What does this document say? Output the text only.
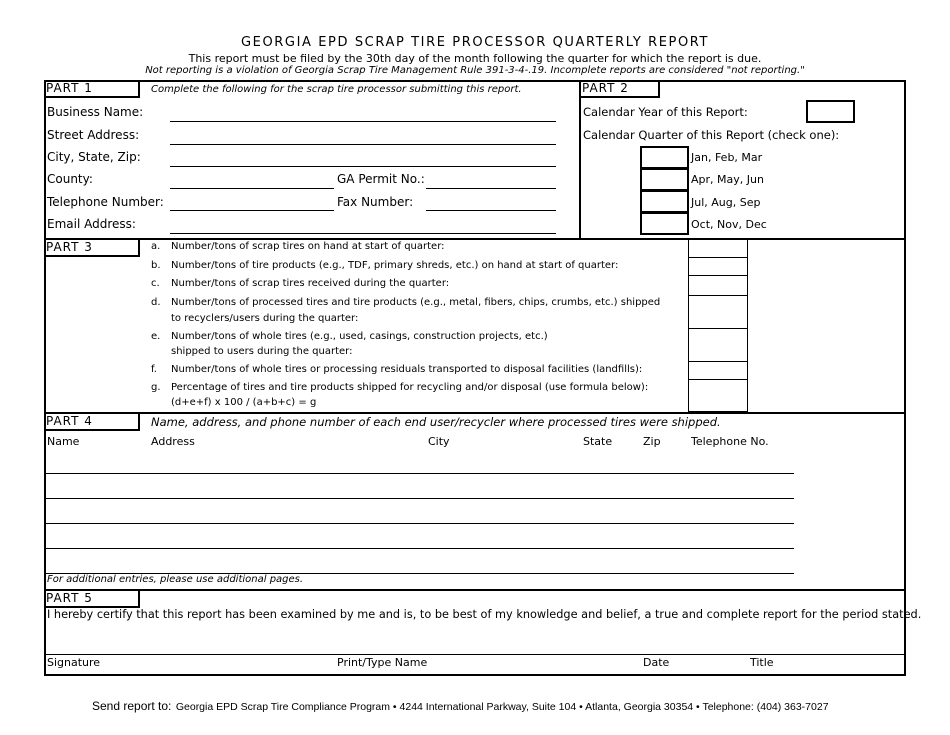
GEORGIA EPD SCRAP TIRE PROCESSOR QUARTERLY REPORT
This report must be filed by the 30th day of the month following the quarter for which the report is due.
Not reporting is a violation of Georgia Scrap Tire Management Rule 391-3-4-.19. Incomplete reports are considered "not reporting."
PART 1	Complete the following for the scrap tire processor submitting this report.
Business Name:
Street Address:
City, State, Zip:
County:	GA Permit No.:
Telephone Number:	Fax Number:
Email Address:
PART 2
Calendar Year of this Report:
Calendar Quarter of this Report (check one):
Jan, Feb, Mar
Apr, May, Jun
Jul, Aug, Sep
Oct, Nov, Dec
PART 3	a. Number/tons of scrap tires on hand at start of quarter:
b. Number/tons of tire products (e.g., TDF, primary shreds, etc.) on hand at start of quarter:
c. Number/tons of scrap tires received during the quarter:
d. Number/tons of processed tires and tire products (e.g., metal, fibers, chips, crumbs, etc.) shipped
to recyclers/users during the quarter:
e. Number/tons of whole tires (e.g., used, casings, construction projects, etc.)
shipped to users during the quarter:
f. Number/tons of whole tires or processing residuals transported to disposal facilities (landfills):
g. Percentage of tires and tire products shipped for recycling and/or disposal (use formula below):
(d+e+f) x 100 / (a+b+c) = g
PART 4	Name, address, and phone number of each end user/recycler where processed tires were shipped.
Name	Address	City	State	Zip	Telephone No.
For additional entries, please use additional pages.
PART 5
I hereby certify that this report has been examined by me and is, to be best of my knowledge and belief, a true and complete report for the period stated.
Signature	Print/Type Name	Date	Title
Send report to: Georgia EPD Scrap Tire Compliance Program • 4244 International Parkway, Suite 104 • Atlanta, Georgia 30354 • Telephone: (404) 363-7027
